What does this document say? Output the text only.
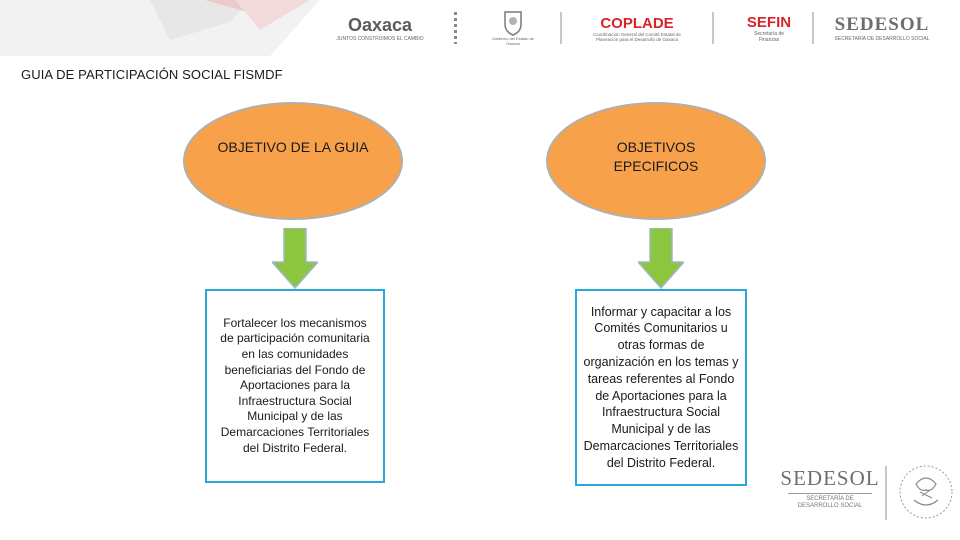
Oaxaca
JUNTOS CONSTRUIMOS EL CAMBIO	Gobierno del Estado de Oaxaca
COPLADE
Coordinación General del Comité Estatal de Planeación para el Desarrollo de Oaxaca
SEFIN
Secretaría de Finanzas
SEDESOL
SECRETARÍA DE DESARROLLO SOCIAL
GUIA DE PARTICIPACIÓN SOCIAL FISMDF
OBJETIVO DE LA GUIA
Fortalecer los mecanismos de participación comunitaria en las comunidades beneficiarias del Fondo de Aportaciones para la Infraestructura Social Municipal y de las Demarcaciones Territoriales del Distrito Federal.
OBJETIVOS EPECIFICOS
Informar y capacitar a los Comités Comunitarios u otras formas de organización en los temas y tareas referentes al Fondo de Aportaciones para la Infraestructura Social Municipal y de las Demarcaciones Territoriales del Distrito Federal.
SEDESOL
SECRETARÍA DE DESARROLLO SOCIAL
